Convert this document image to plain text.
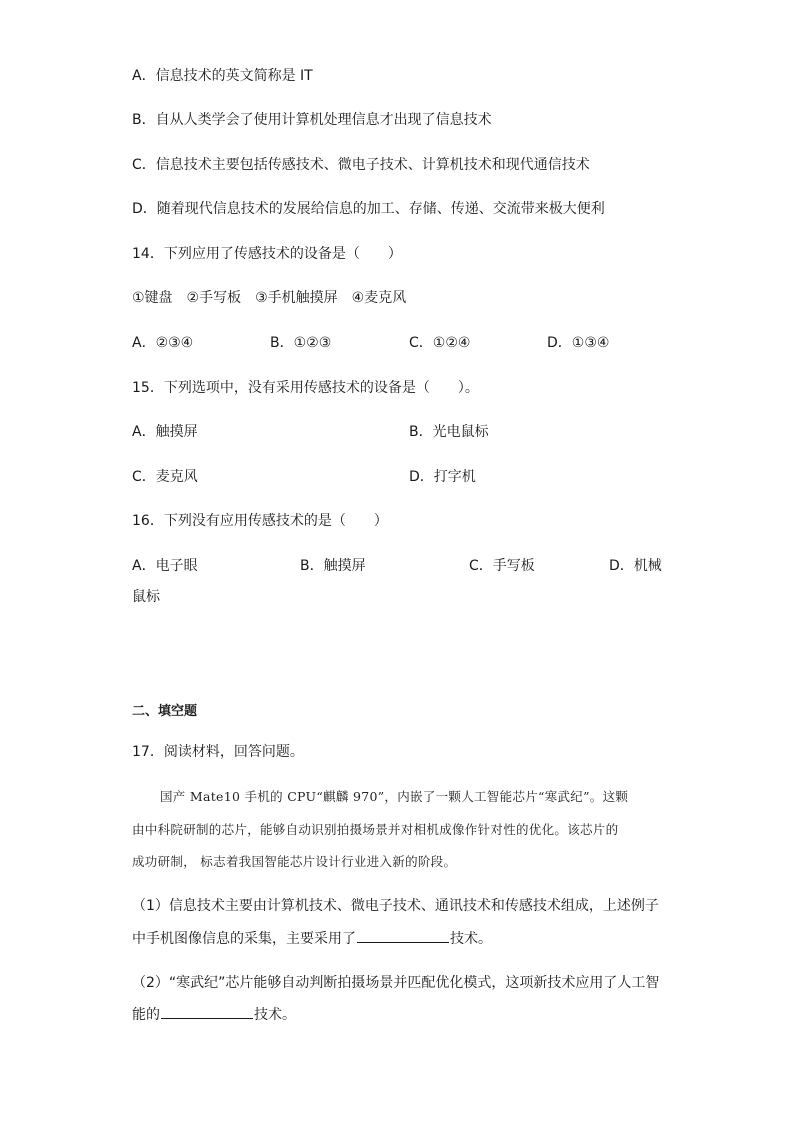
A．信息技术的英文简称是 IT
B．自从人类学会了使用计算机处理信息才出现了信息技术
C．信息技术主要包括传感技术、微电子技术、计算机技术和现代通信技术
D．随着现代信息技术的发展给信息的加工、存储、传递、交流带来极大便利
14．下列应用了传感技术的设备是（　　）
①键盘　②手写板　③手机触摸屏　④麦克风
A．②③④	B．①②③	C．①②④	D．①③④
15．下列选项中，没有采用传感技术的设备是（　　）。
A．触摸屏	B．光电鼠标
C．麦克风	D．打字机
16．下列没有应用传感技术的是（　　）
A．电子眼	B．触摸屏	C．手写板	D．机械
鼠标
二、填空题
17．阅读材料，回答问题。
国产 Mate10 手机的 CPU“麒麟 970”，内嵌了一颗人工智能芯片“寒武纪”。这颗
由中科院研制的芯片，能够自动识别拍摄场景并对相机成像作针对性的优化。该芯片的
成功研制， 标志着我国智能芯片设计行业进入新的阶段。
（1）信息技术主要由计算机技术、微电子技术、通讯技术和传感技术组成，上述例子
中手机图像信息的采集，主要采用了	技术。
（2）“寒武纪”芯片能够自动判断拍摄场景并匹配优化模式，这项新技术应用了人工智
能的	技术。
